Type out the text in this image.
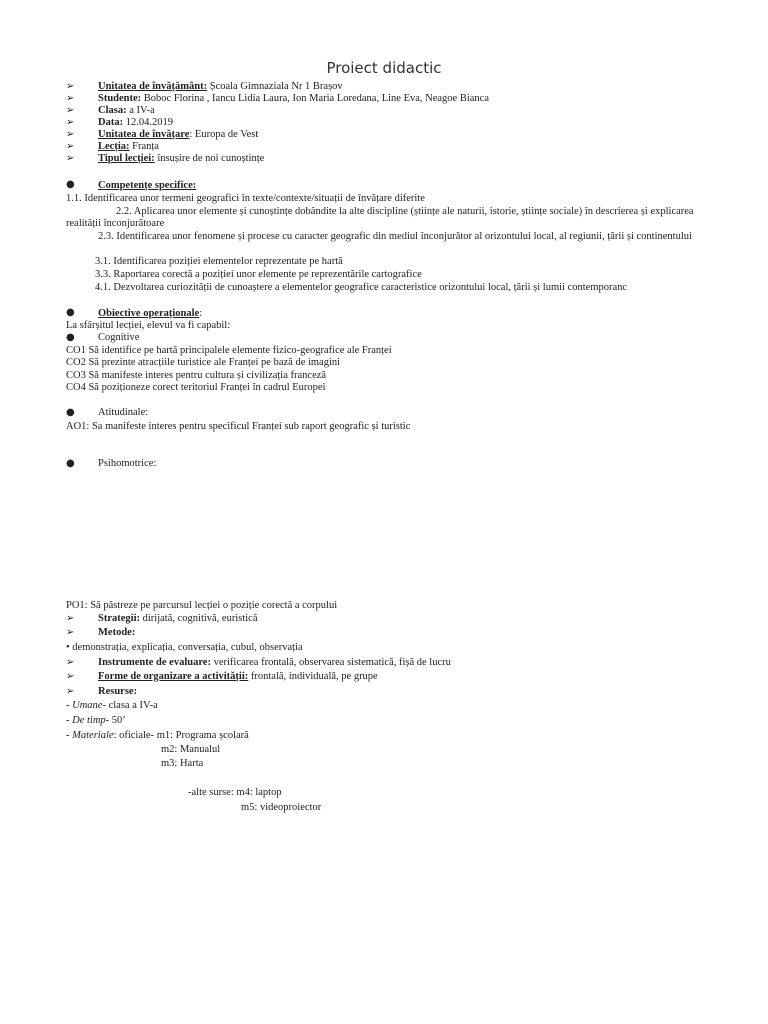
Proiect didactic
➢ Unitatea de învățământ: Școala Gimnaziala Nr 1 Brașov
➢ Studente: Boboc Florina , Iancu Lidia Laura, Ion Maria Loredana, Line Eva, Neagoe Bianca
➢ Clasa: a IV-a
➢ Data: 12.04.2019
➢ Unitatea de învățare: Europa de Vest
➢ Lecția: Franța
➢ Tipul lecției: însușire de noi cunoștințe
● Competențe specifice:
1.1. Identificarea unor termeni geografici în texte/contexte/situații de învățare diferite
2.2. Aplicarea unor elemente și cunoștințe dobândite la alte discipline (științe ale naturii, istorie, științe sociale) în descrierea și explicarea realității înconjurătoare
2.3. Identificarea unor fenomene și procese cu caracter geografic din mediul înconjurător al orizontului local, al regiunii, țării și continentului
3.1. Identificarea poziției elementelor reprezentate pe hartă
3.3. Raportarea corectă a poziției unor elemente pe reprezentările cartografice
4.1. Dezvoltarea curiozității de cunoaștere a elementelor geografice caracteristice orizontului local, țării și lumii contemporanc
● Obiective operaționale:
La sfârșitul lecției, elevul va fi capabil:
● Cognitive
CO1 Să identifice pe hartă principalele elemente fizico-geografice ale Franței
CO2 Să prezinte atracțiile turistice ale Franței pe bază de imagini
CO3 Să manifeste interes pentru cultura și civilizația franceză
CO4 Să poziționeze corect teritoriul Franței în cadrul Europei
● Atitudinale:
AO1: Sa manifeste interes pentru specificul Franței sub raport geografic și turistic
● Psihomotrice:
PO1: Să păstreze pe parcursul lecției o poziție corectă a corpului
➢ Strategii: dirijată, cognitivă, euristică
➢ Metode:
• demonstrația, explicația, conversația, cubul, observația
➢ Instrumente de evaluare: verificarea frontală, observarea sistematică, fișă de lucru
➢ Forme de organizare a activității: frontală, individuală, pe grupe
➢ Resurse:
- Umane- clasa a IV-a
- De timp- 50’
- Materiale: oficiale- m1: Programa școlară
m2: Manualul
m3: Harta
-alte surse: m4: laptop
m5: videoproiector
